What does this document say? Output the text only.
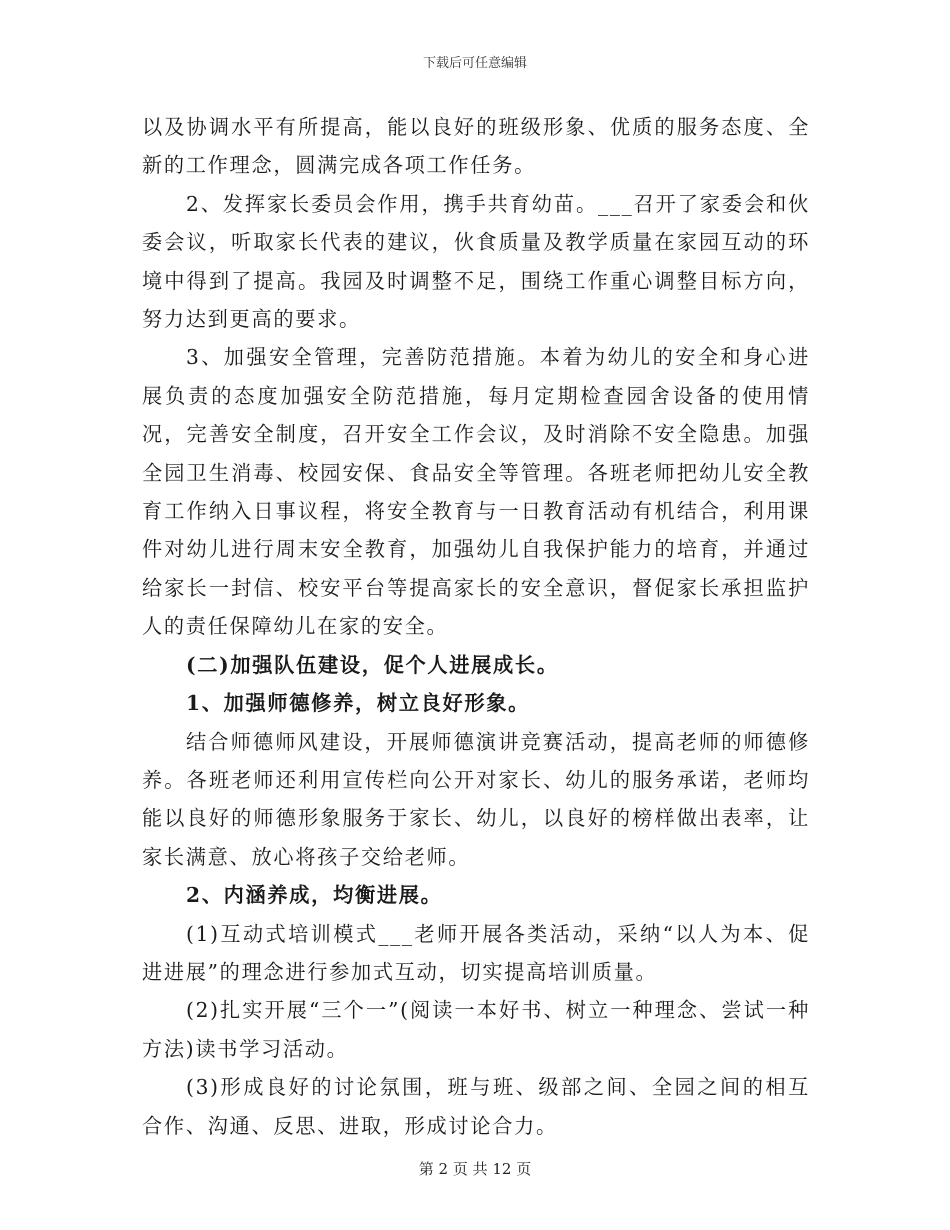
下载后可任意编辑

以及协调水平有所提高，能以良好的班级形象、优质的服务态度、全新的工作理念，圆满完成各项工作任务。

2、发挥家长委员会作用，携手共育幼苗。___召开了家委会和伙委会议，听取家长代表的建议，伙食质量及教学质量在家园互动的环境中得到了提高。我园及时调整不足，围绕工作重心调整目标方向，努力达到更高的要求。

3、加强安全管理，完善防范措施。本着为幼儿的安全和身心进展负责的态度加强安全防范措施，每月定期检查园舍设备的使用情况，完善安全制度，召开安全工作会议，及时消除不安全隐患。加强全园卫生消毒、校园安保、食品安全等管理。各班老师把幼儿安全教育工作纳入日事议程，将安全教育与一日教育活动有机结合，利用课件对幼儿进行周末安全教育，加强幼儿自我保护能力的培育，并通过给家长一封信、校安平台等提高家长的安全意识，督促家长承担监护人的责任保障幼儿在家的安全。

(二)加强队伍建设，促个人进展成长。

1、加强师德修养，树立良好形象。

结合师德师风建设，开展师德演讲竞赛活动，提高老师的师德修养。各班老师还利用宣传栏向公开对家长、幼儿的服务承诺，老师均能以良好的师德形象服务于家长、幼儿，以良好的榜样做出表率，让家长满意、放心将孩子交给老师。

2、内涵养成，均衡进展。

(1)互动式培训模式___老师开展各类活动，采纳“以人为本、促进进展”的理念进行参加式互动，切实提高培训质量。

(2)扎实开展“三个一”(阅读一本好书、树立一种理念、尝试一种方法)读书学习活动。

(3)形成良好的讨论氛围，班与班、级部之间、全园之间的相互合作、沟通、反思、进取，形成讨论合力。

第 2 页 共 12 页
